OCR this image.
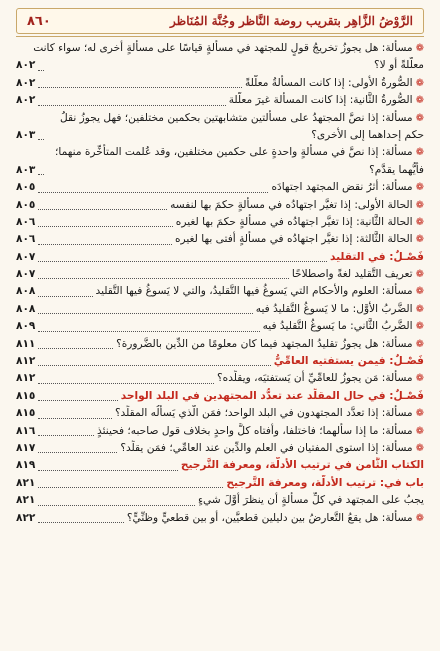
٨٦٠	الرَّوْضُ الزَّاهِر بتقريب روضة النَّاظر وجُنَّة المُنَاظر
❁
مسألة: هل يجوزُ تخريجُ قولٍ للمجتهد في مسألةٍ قياسًا على مسألةٍ أخرى له؛ سواء كانت
معلَّلةً أو لا؟
٨٠٢
❁
الصُّورةُ الأولى: إذا كانت المسألةُ معلَّلةً
٨٠٢
❁
الصُّورةُ الثَّانية: إذا كانت المسألة غيرَ معلَّلة
٨٠٢
❁
مسألة: إذا نصَّ المجتهدُ على مسألتين متشابهتين بحكمين مختلفين؛ فهل يجوزُ نقلُ
حكم إحداهما إلى الأخرى؟
٨٠٣
❁
مسألة: إذا نصَّ في مسألةٍ واحدةٍ على حكمين مختلفين، وقد عُلمت المتأخِّرة منهما؛
فأيُّهما يقدَّم؟
٨٠٣
❁
مسألة: أثرُ نقض المجتهد اجتهادَه
٨٠٥
❁
الحالة الأولى: إذا تغيَّر اجتهادُه في مسألةٍ حكمَ بها لنفسه
٨٠٥
❁
الحالة الثَّانية: إذا تغيَّر اجتهادُه في مسألةٍ حكمَ بها لغيره
٨٠٦
❁
الحالة الثَّالثة: إذا تغيَّر اجتهادُه في مسألةٍ أفتى بها لغيره
٨٠٦
فَصْـلٌ: في التقليد
٨٠٧
❁
تعريف التَّقليد لغةً واصطلاحًا
٨٠٧
❁
مسألة: العلوم والأحكام التي يَسوغُ فيها التَّقليدُ، والتي لا يَسوغُ فيها التَّقليد
٨٠٨
❁
الضَّربُ الأوَّل: ما لا يَسوغُ التَّقليدُ فيه
٨٠٨
❁
الضَّربُ الثَّاني: ما يَسوغُ التَّقليدُ فيه
٨٠٩
❁
مسألة: هل يجوزُ تقليدُ المجتهد فيما كان معلومًا من الدِّين بالضَّرورة؟
٨١١
فَصْـلٌ: فيمن يستفتيه العامِّيُّ
٨١٢
❁
مسألة: مَن يجوزُ للعامِّيِّ أن يَستفتيَه، ويقلِّده؟
٨١٢
فَصْـلٌ: في حال المقلِّد عند تعدُّد المجتهدين في البلد الواحد
٨١٥
❁
مسألة: إذا تعدَّد المجتهدون في البلد الواحد؛ فمَن الَّذي يَسألُه المقلِّد؟
٨١٥
❁
مسألة: ما إذا سألهما؛ فاختلفا، وأفتاه كلُّ واحدٍ بخلاف قول صاحبه؛ فحينئذٍ
٨١٦
❁
مسألة: إذا استوى المفتيان في العلم والدِّين عند العامِّي؛ فمَن يقلِّد؟
٨١٧
الكتاب الثَّامن في ترتيب الأدلَّة، ومعرفة التَّرجيح
٨١٩
باب في: ترتيب الأدلَّة، ومعرفة التَّرجيح
٨٢١
يجبُ على المجتهد في كلِّ مسألةٍ أن ينظرَ أوَّلَ شيءٍ
٨٢١
❁
مسألة: هل يقعُ التَّعارضُ بين دليلين قطعيَّين، أو بين قطعيٍّ وظنِّيٍّ؟
٨٢٢
